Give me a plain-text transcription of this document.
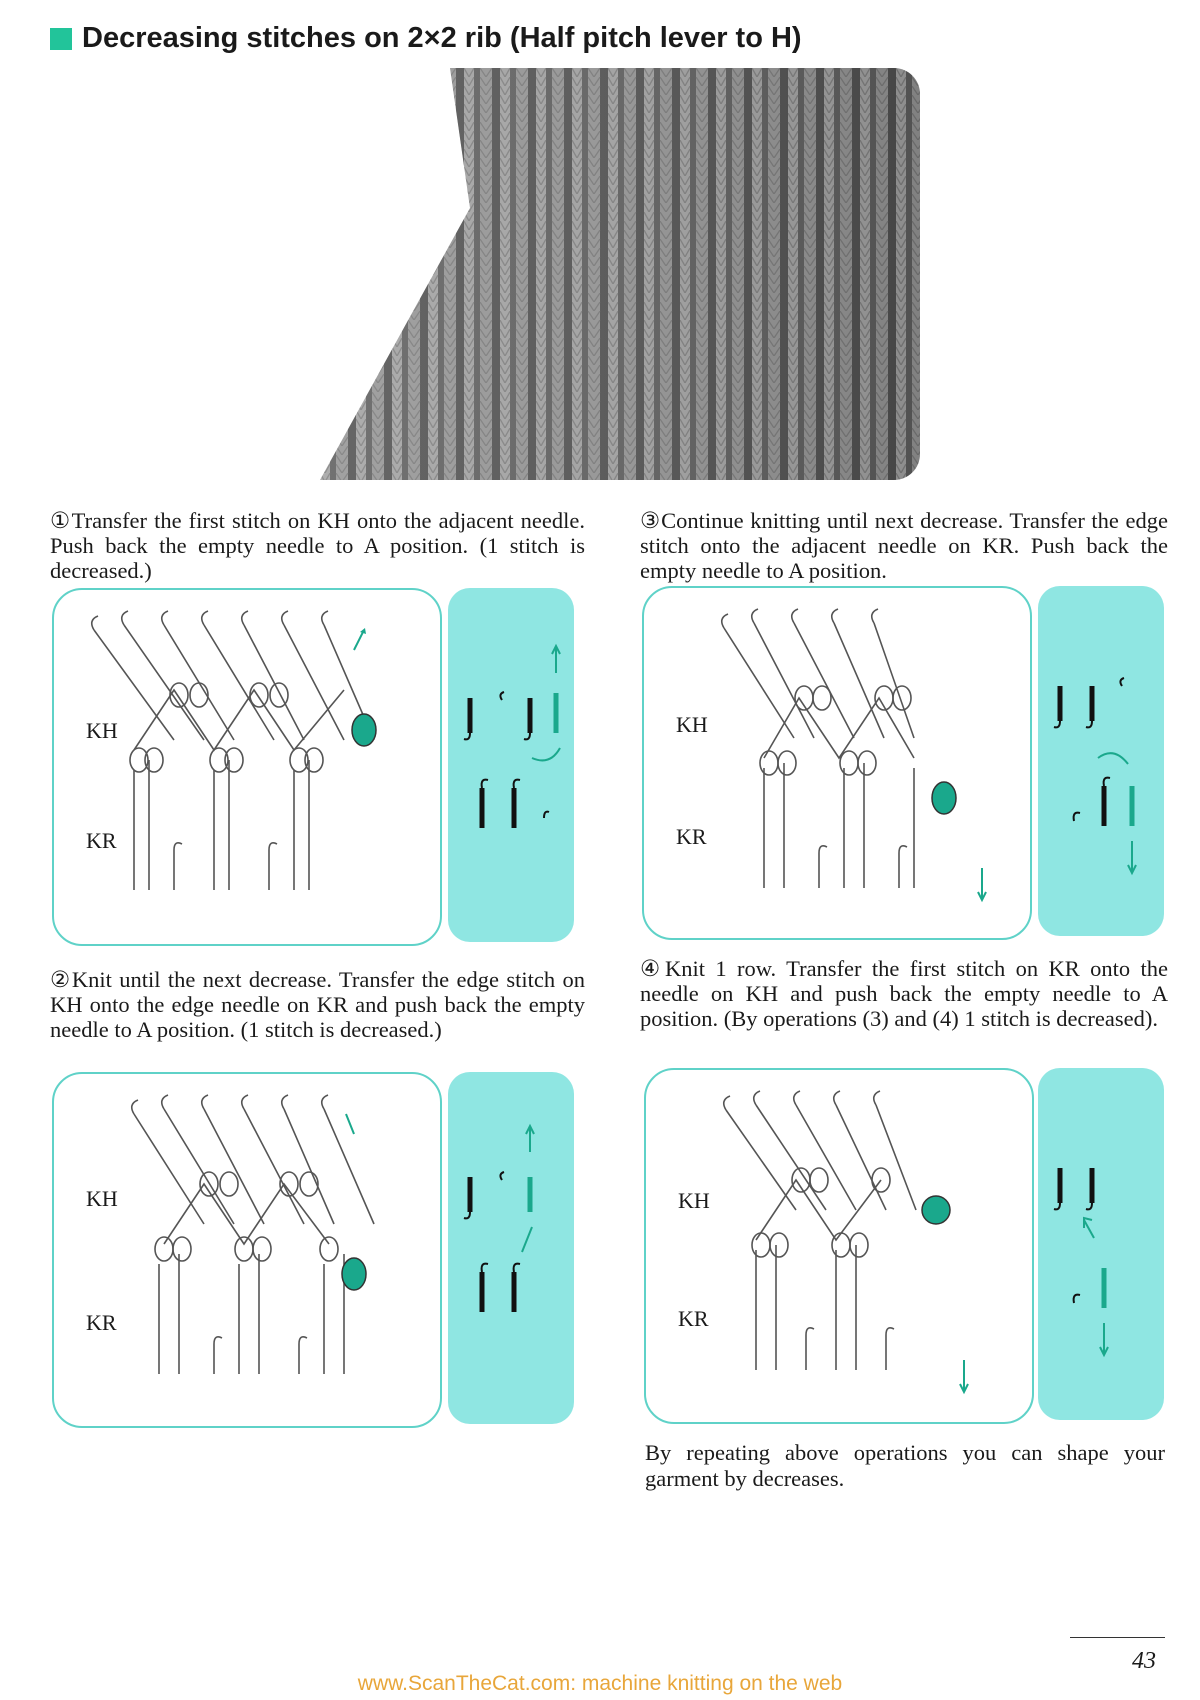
Decreasing stitches on 2×2 rib (Half pitch lever to H)
①Transfer the first stitch on KH onto the adjacent needle. Push back the empty needle to A position. (1 stitch is decreased.)
KH
KR
②Knit until the next decrease. Transfer the edge stitch on KH onto the edge needle on KR and push back the empty needle to A position. (1 stitch is decreased.)
KH
KR
③Continue knitting until next decrease. Transfer the edge stitch onto the adjacent needle on KR. Push back the empty needle to A position.
KH
KR
④Knit 1 row. Transfer the first stitch on KR onto the needle on KH and push back the empty needle to A position. (By operations (3) and (4) 1 stitch is decreased).
KH
KR
By repeating above operations you can shape your garment by decreases.
43
www.ScanTheCat.com: machine knitting on the web
